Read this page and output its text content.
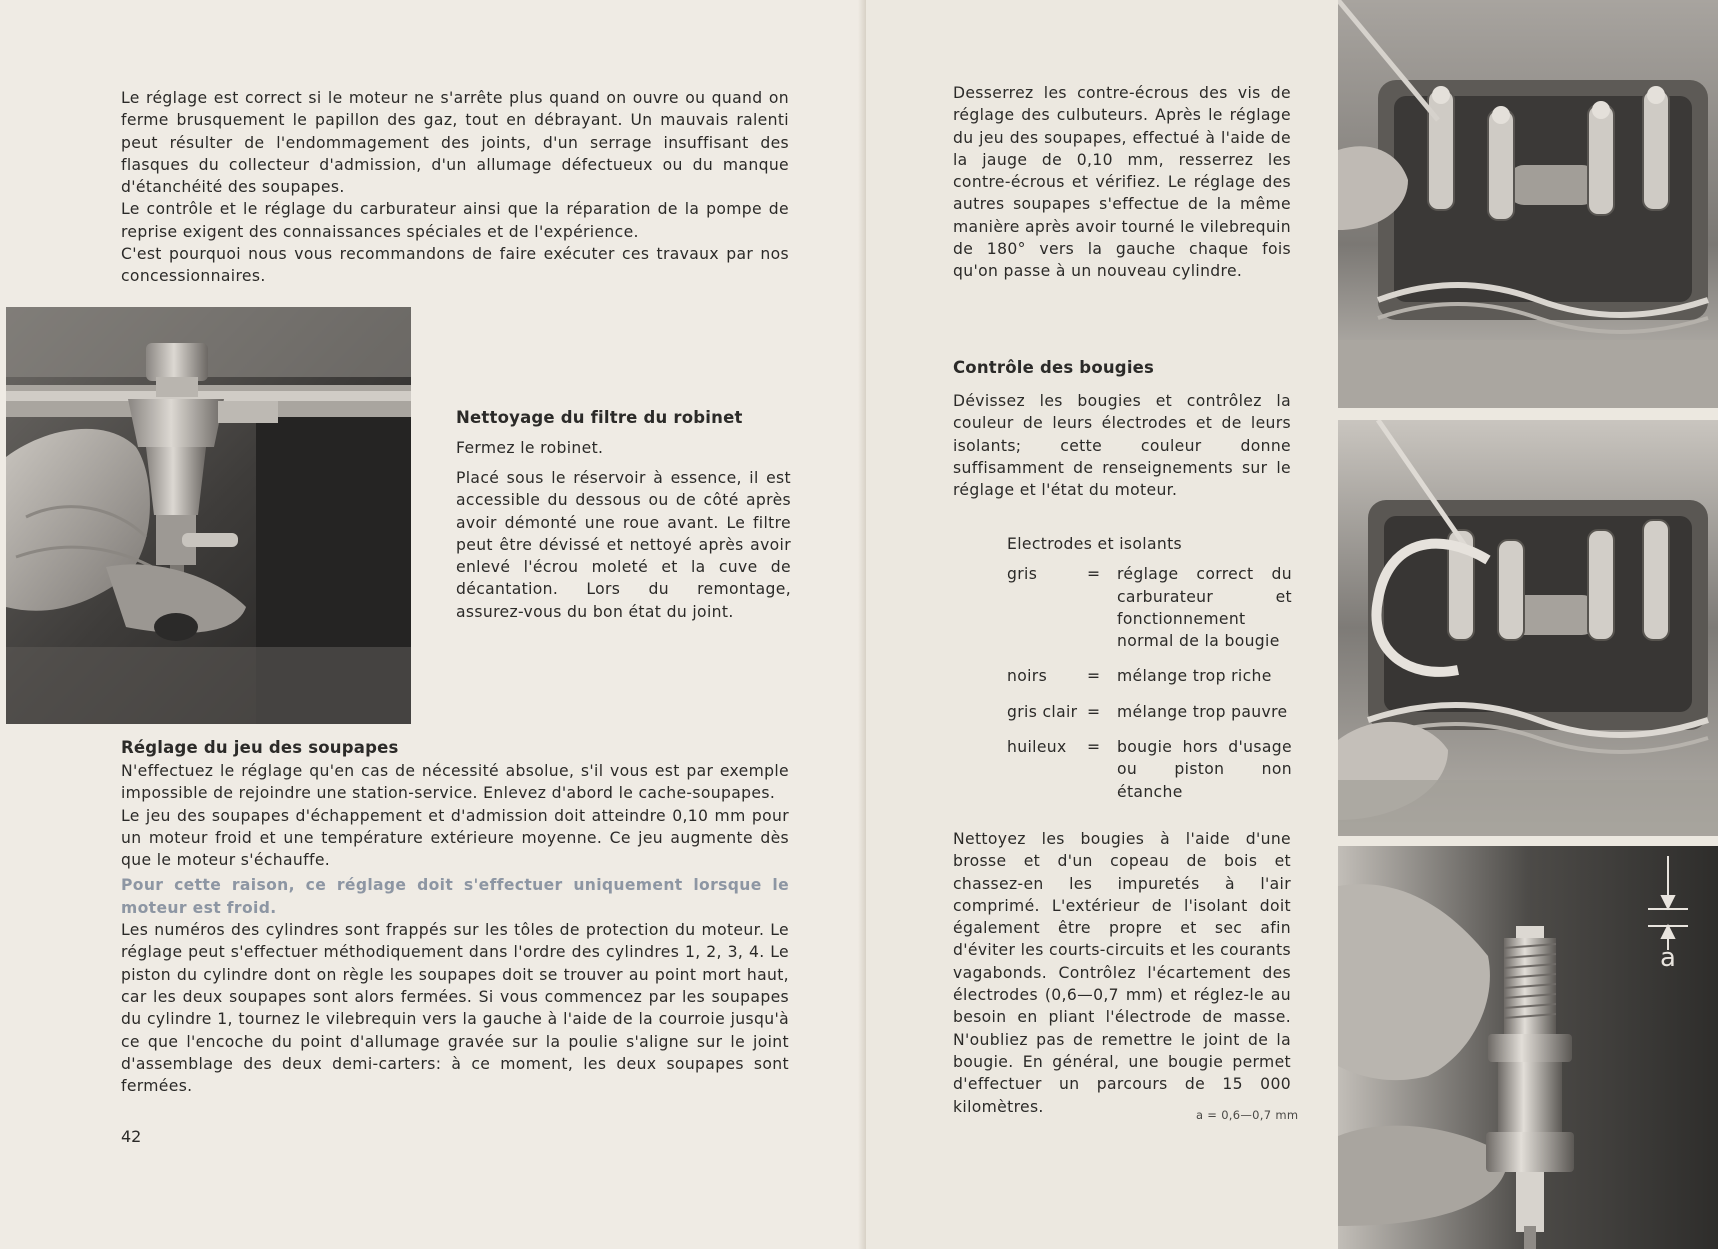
Le réglage est correct si le moteur ne s'arrête plus quand on ouvre ou quand on ferme brusquement le papillon des gaz, tout en débrayant. Un mauvais ralenti peut résulter de l'endommagement des joints, d'un serrage insuffisant des flasques du collecteur d'admission, d'un allumage défectueux ou du manque d'étanchéité des soupapes.

Le contrôle et le réglage du carburateur ainsi que la réparation de la pompe de reprise exigent des connaissances spéciales et de l'expérience.

C'est pourquoi nous vous recommandons de faire exécuter ces travaux par nos concessionnaires.

Nettoyage du filtre du robinet

Fermez le robinet.

Placé sous le réservoir à essence, il est accessible du dessous ou de côté après avoir démonté une roue avant. Le filtre peut être dévissé et nettoyé après avoir enlevé l'écrou moleté et la cuve de décantation. Lors du remontage, assurez-vous du bon état du joint.

Réglage du jeu des soupapes

N'effectuez le réglage qu'en cas de nécessité absolue, s'il vous est par exemple impossible de rejoindre une station-service. Enlevez d'abord le cache-soupapes.

Le jeu des soupapes d'échappement et d'admission doit atteindre 0,10 mm pour un moteur froid et une température extérieure moyenne. Ce jeu augmente dès que le moteur s'échauffe.

Pour cette raison, ce réglage doit s'effectuer uniquement lorsque le moteur est froid.

Les numéros des cylindres sont frappés sur les tôles de protection du moteur. Le réglage peut s'effectuer méthodiquement dans l'ordre des cylindres 1, 2, 3, 4. Le piston du cylindre dont on règle les soupapes doit se trouver au point mort haut, car les deux soupapes sont alors fermées. Si vous commencez par les soupapes du cylindre 1, tournez le vilebrequin vers la gauche à l'aide de la courroie jusqu'à ce que l'encoche du point d'allumage gravée sur la poulie s'aligne sur le joint d'assemblage des deux demi-carters: à ce moment, les deux soupapes sont fermées.

42

Desserrez les contre-écrous des vis de réglage des culbuteurs. Après le réglage du jeu des soupapes, effectué à l'aide de la jauge de 0,10 mm, resserrez les contre-écrous et vérifiez. Le réglage des autres soupapes s'effectue de la même manière après avoir tourné le vilebrequin de 180° vers la gauche chaque fois qu'on passe à un nouveau cylindre.

Contrôle des bougies

Dévissez les bougies et contrôlez la couleur de leurs électrodes et de leurs isolants; cette couleur donne suffisamment de renseignements sur le réglage et l'état du moteur.

Electrodes et isolants
gris	= réglage correct du carburateur et fonctionnement normal de la bougie
noirs	= mélange trop riche
gris clair = mélange trop pauvre
huileux = bougie hors d'usage ou piston non étanche

Nettoyez les bougies à l'aide d'une brosse et d'un copeau de bois et chassez-en les impuretés à l'air comprimé. L'extérieur de l'isolant doit également être propre et sec afin d'éviter les courts-circuits et les courants vagabonds. Contrôlez l'écartement des électrodes (0,6—0,7 mm) et réglez-le au besoin en pliant l'électrode de masse. N'oubliez pas de remettre le joint de la bougie. En général, une bougie permet d'effectuer un parcours de 15 000 kilomètres.	a = 0,6—0,7 mm
a
